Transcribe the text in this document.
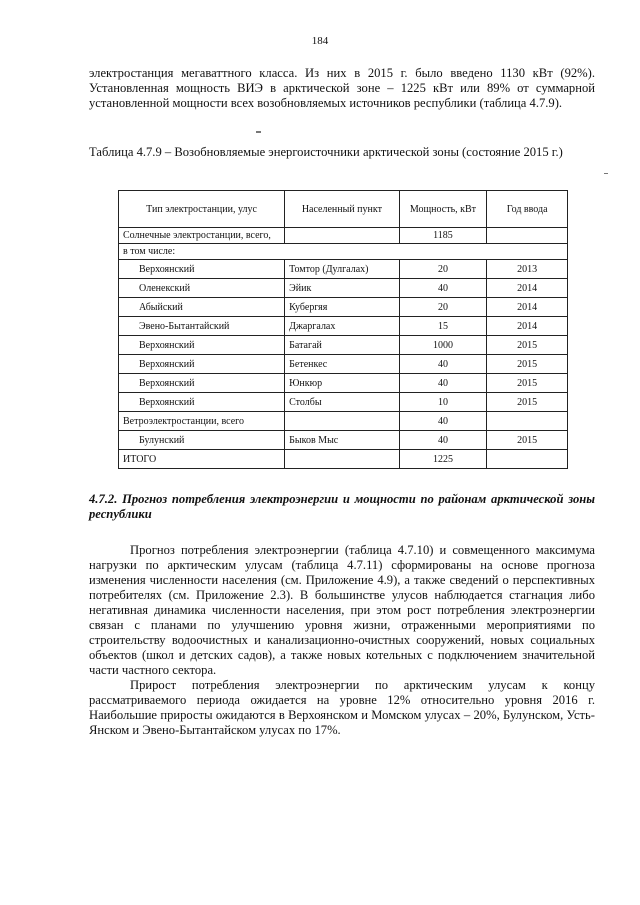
184
электростанция мегаваттного класса. Из них в 2015 г. было введено 1130 кВт (92%). Установленная мощность ВИЭ в арктической зоне – 1225 кВт или 89% от суммарной установленной мощности всех возобновляемых источников республики (таблица 4.7.9).
Таблица 4.7.9 – Возобновляемые энергоисточники арктической зоны (состояние 2015 г.)
Тип электростанции, улус	Населенный пункт	Мощность, кВт	Год ввода
Солнечные электростанции, всего,		1185	
в том числе:			
Верхоянский	Томтор (Дулгалах)	20	2013
Оленекский	Эйик	40	2014
Абыйский	Кубергяя	20	2014
Эвено-Бытантайский	Джаргалах	15	2014
Верхоянский	Батагай	1000	2015
Верхоянский	Бетенкес	40	2015
Верхоянский	Юнкюр	40	2015
Верхоянский	Столбы	10	2015
Ветроэлектростанции, всего		40	
Булунский	Быков Мыс	40	2015
ИТОГО		1225	
4.7.2. Прогноз потребления электроэнергии и мощности по районам арктической зоны республики

Прогноз потребления электроэнергии (таблица 4.7.10) и совмещенного максимума нагрузки по арктическим улусам (таблица 4.7.11) сформированы на основе прогноза изменения численности населения (см. Приложение 4.9), а также сведений о перспективных потребителях (см. Приложение 2.3). В большинстве улусов наблюдается стагнация либо негативная динамика численности населения, при этом рост потребления электроэнергии связан с планами по улучшению уровня жизни, отраженными мероприятиями по строительству водоочистных и канализационно-очистных сооружений, новых социальных объектов (школ и детских садов), а также новых котельных с подключением значительной части частного сектора.

Прирост потребления электроэнергии по арктическим улусам к концу рассматриваемого периода ожидается на уровне 12% относительно уровня 2016 г. Наибольшие приросты ожидаются в Верхоянском и Момском улусах – 20%, Булунском, Усть-Янском и Эвено-Бытантайском улусах по 17%.
